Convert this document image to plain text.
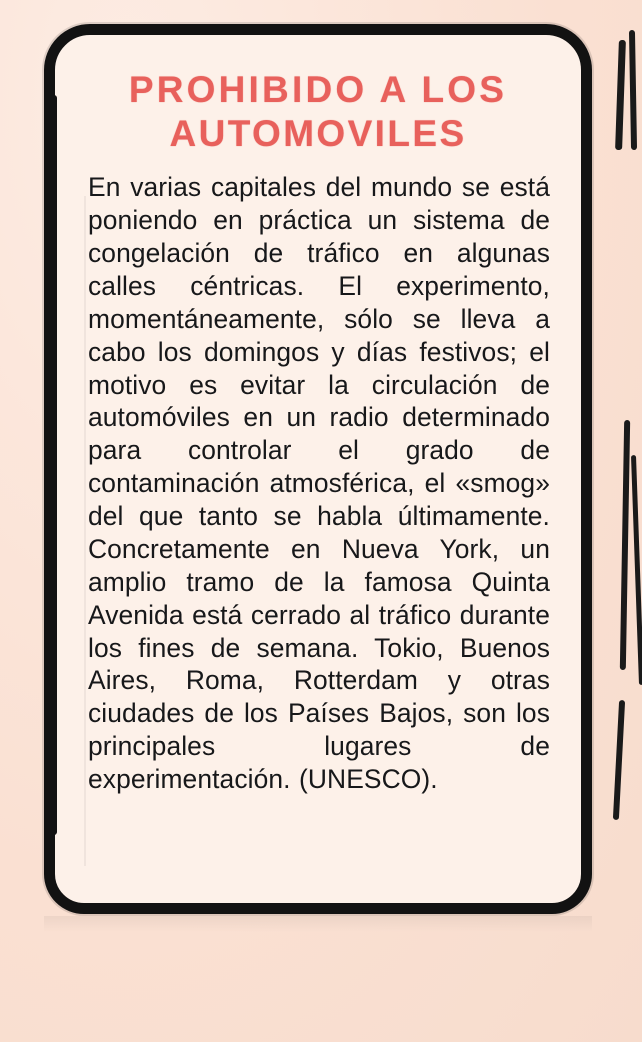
PROHIBIDO A LOS
AUTOMOVILES

En varias capitales del mundo se está poniendo en práctica un sistema de congelación de tráfico en algunas calles céntricas. El experimento, momentáneamente, sólo se lleva a cabo los domingos y días festivos; el motivo es evitar la circulación de automóviles en un radio determinado para controlar el grado de contaminación atmosférica, el «smog» del que tanto se habla últimamente. Concretamente en Nueva York, un amplio tramo de la famosa Quinta Avenida está cerrado al tráfico durante los fines de semana. Tokio, Buenos Aires, Roma, Rotterdam y otras ciudades de los Países Bajos, son los principales lugares de experimentación. (UNESCO).
